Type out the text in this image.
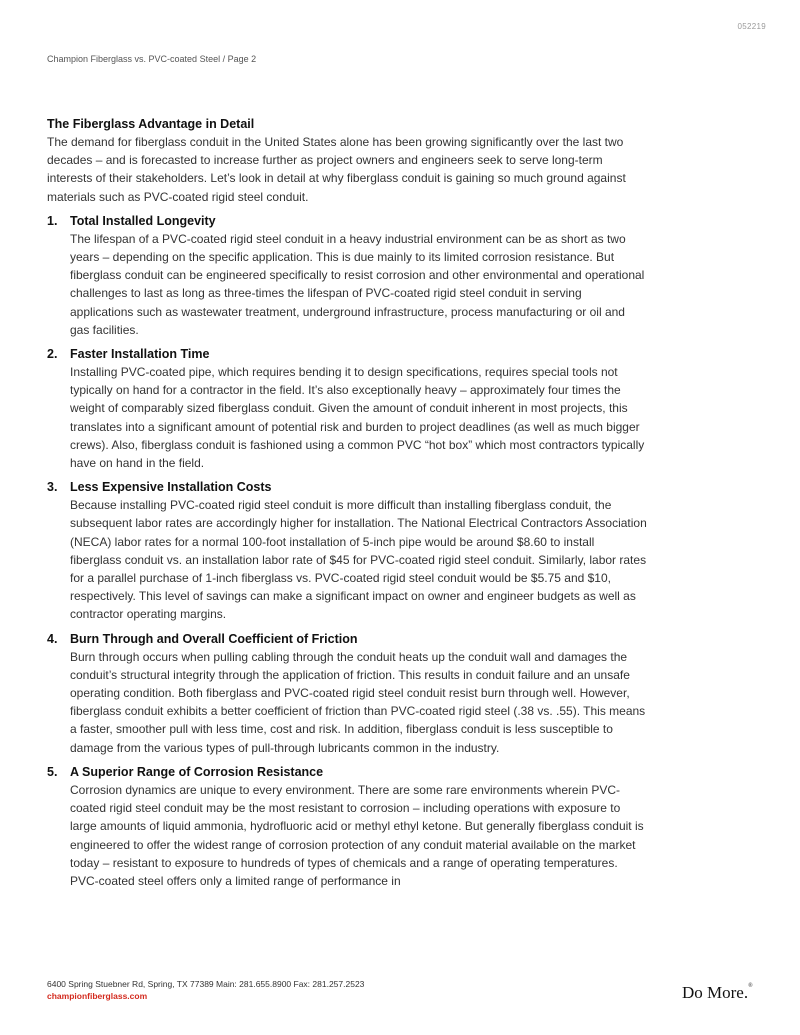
052219
Champion Fiberglass vs. PVC-coated Steel / Page 2
The Fiberglass Advantage in Detail

The demand for fiberglass conduit in the United States alone has been growing significantly over the last two decades – and is forecasted to increase further as project owners and engineers seek to serve long-term interests of their stakeholders. Let’s look in detail at why fiberglass conduit is gaining so much ground against materials such as PVC-coated rigid steel conduit.

1. Total Installed Longevity
The lifespan of a PVC-coated rigid steel conduit in a heavy industrial environment can be as short as two years – depending on the specific application. This is due mainly to its limited corrosion resistance. But fiberglass conduit can be engineered specifically to resist corrosion and other environmental and operational challenges to last as long as three-times the lifespan of PVC-coated rigid steel conduit in serving applications such as wastewater treatment, underground infrastructure, process manufacturing or oil and gas facilities.
2. Faster Installation Time
Installing PVC-coated pipe, which requires bending it to design specifications, requires special tools not typically on hand for a contractor in the field. It’s also exceptionally heavy – approximately four times the weight of comparably sized fiberglass conduit. Given the amount of conduit inherent in most projects, this translates into a significant amount of potential risk and burden to project deadlines (as well as much bigger crews). Also, fiberglass conduit is fashioned using a common PVC “hot box” which most contractors typically have on hand in the field.
3. Less Expensive Installation Costs
Because installing PVC-coated rigid steel conduit is more difficult than installing fiberglass conduit, the subsequent labor rates are accordingly higher for installation. The National Electrical Contractors Association (NECA) labor rates for a normal 100-foot installation of 5-inch pipe would be around $8.60 to install fiberglass conduit vs. an installation labor rate of $45 for PVC-coated rigid steel conduit. Similarly, labor rates for a parallel purchase of 1-inch fiberglass vs. PVC-coated rigid steel conduit would be $5.75 and $10, respectively. This level of savings can make a significant impact on owner and engineer budgets as well as contractor operating margins.
4. Burn Through and Overall Coefficient of Friction
Burn through occurs when pulling cabling through the conduit heats up the conduit wall and damages the conduit’s structural integrity through the application of friction. This results in conduit failure and an unsafe operating condition. Both fiberglass and PVC-coated rigid steel conduit resist burn through well. However, fiberglass conduit exhibits a better coefficient of friction than PVC-coated rigid steel (.38 vs. .55). This means a faster, smoother pull with less time, cost and risk. In addition, fiberglass conduit is less susceptible to damage from the various types of pull-through lubricants common in the industry.
5. A Superior Range of Corrosion Resistance
Corrosion dynamics are unique to every environment. There are some rare environments wherein PVC-coated rigid steel conduit may be the most resistant to corrosion – including operations with exposure to large amounts of liquid ammonia, hydrofluoric acid or methyl ethyl ketone. But generally fiberglass conduit is engineered to offer the widest range of corrosion protection of any conduit material available on the market today – resistant to exposure to hundreds of types of chemicals and a range of operating temperatures. PVC-coated steel offers only a limited range of performance in
6400 Spring Stuebner Rd, Spring, TX 77389 Main: 281.655.8900 Fax: 281.257.2523
championfiberglass.com	Do More.®
